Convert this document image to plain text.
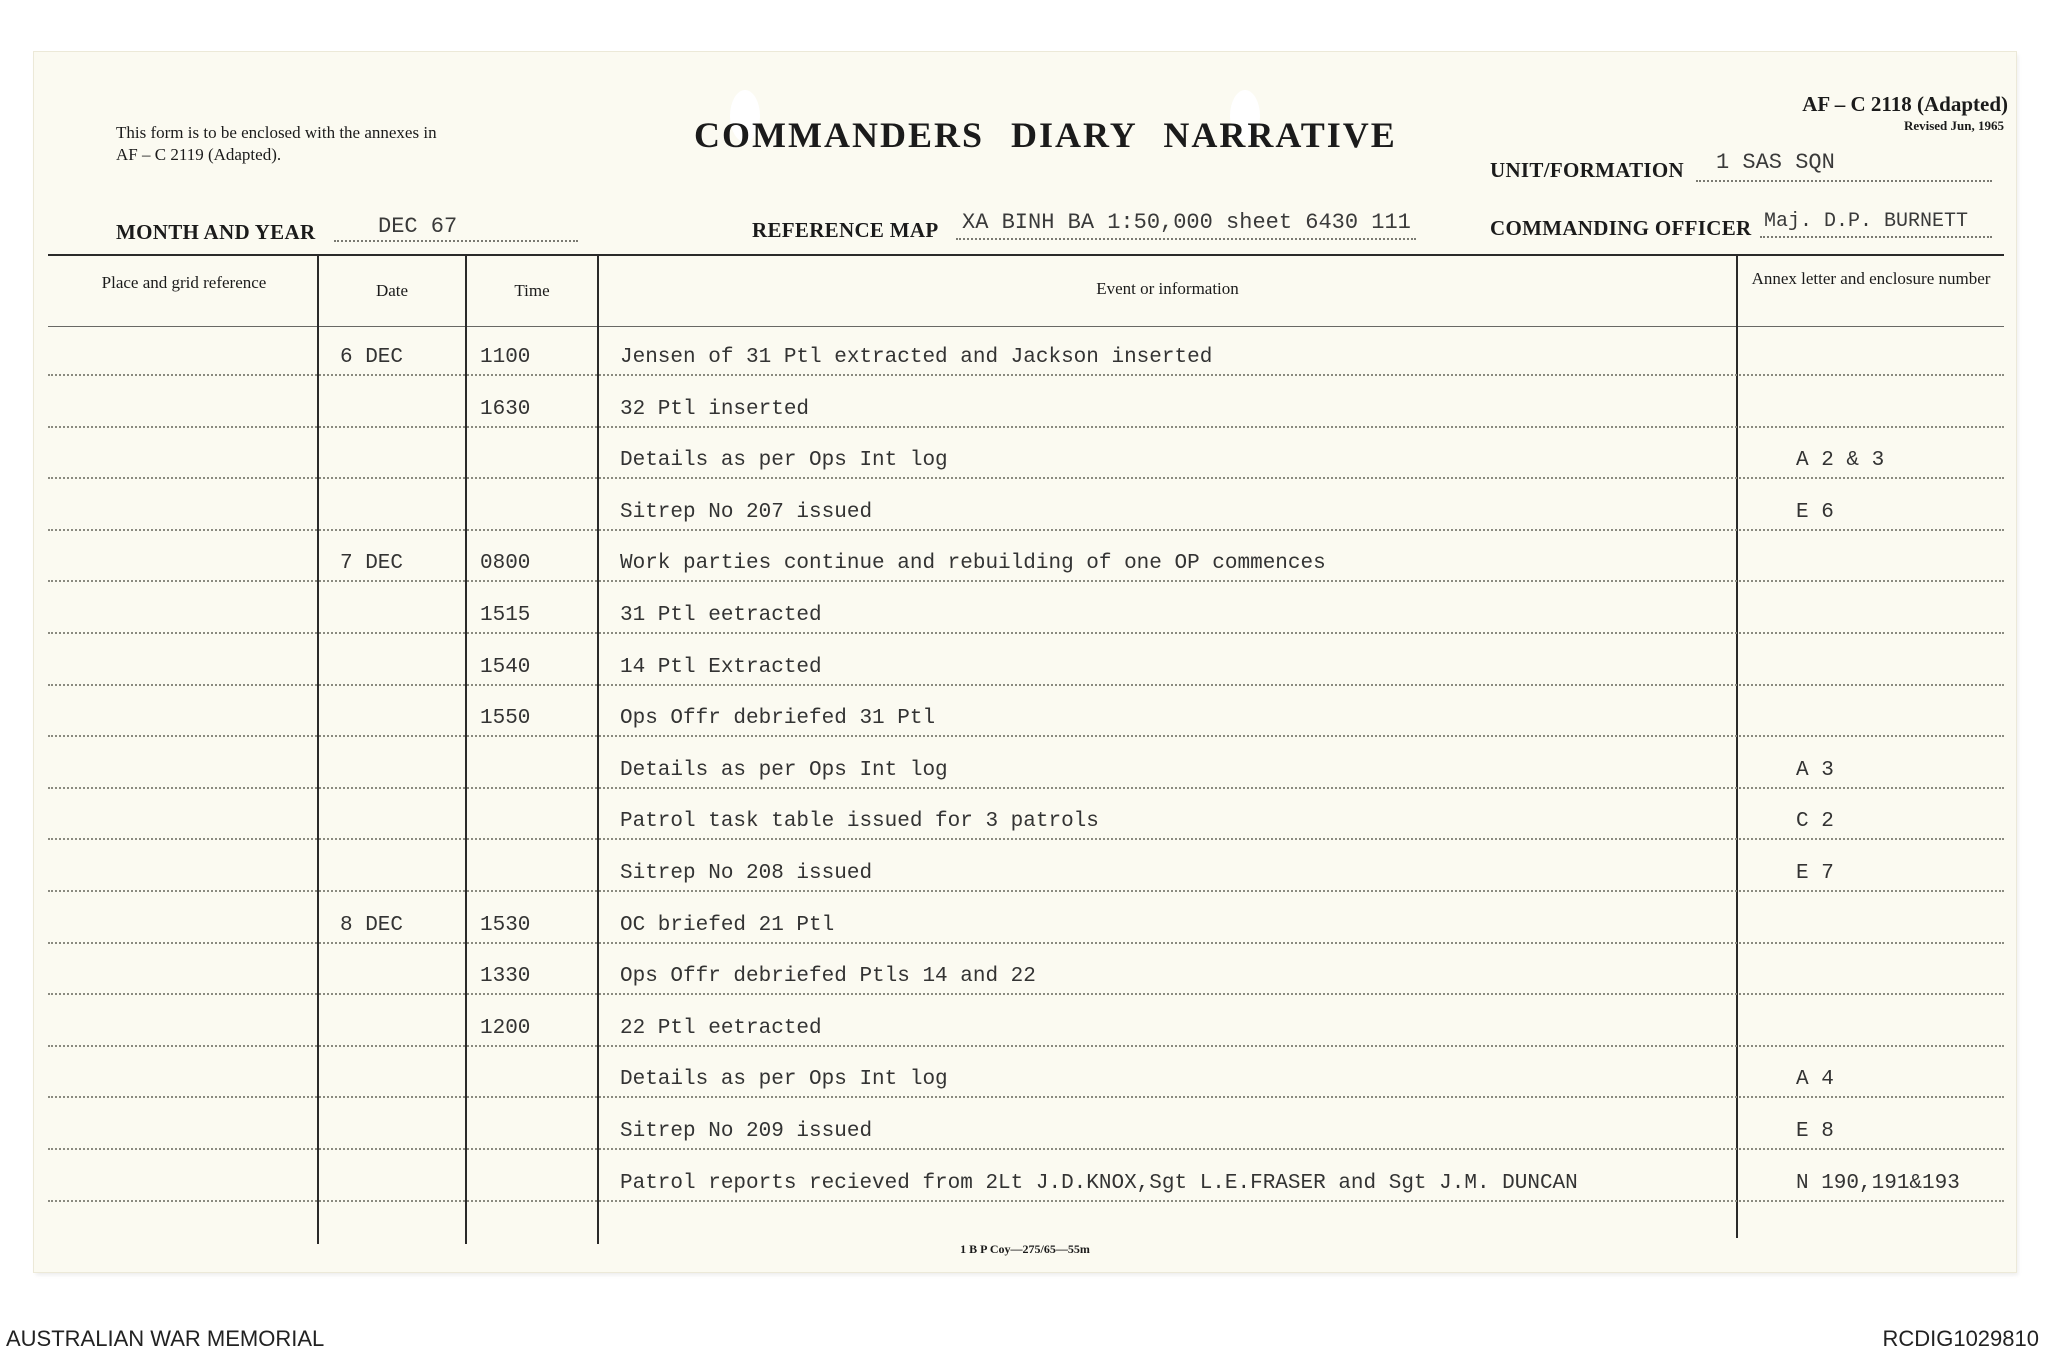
This form is to be enclosed with the annexes in AF – C 2119 (Adapted).	COMMANDERS DIARY NARRATIVE
AF – C 2118 (Adapted)
Revised Jun, 1965
UNIT/FORMATION 1 SAS SQN
MONTH AND YEAR	DEC 67	REFERENCE MAP XA BINH BA 1:50,000 sheet 6430 111	COMMANDING OFFICER Maj. D.P. BURNETT
Place and grid reference	Date	Time	Event or information
Annex letter and enclosure number
6 DEC	1100	Jensen of 31 Ptl extracted and Jackson inserted
1630	32 Ptl inserted
Details as per Ops Int log	A 2 & 3
Sitrep No 207 issued	E 6
7 DEC	0800	Work parties continue and rebuilding of one OP commences
1515	31 Ptl eetracted
1540	14 Ptl Extracted
1550	Ops Offr debriefed 31 Ptl
Details as per Ops Int log	A 3
Patrol task table issued for 3 patrols	C 2
Sitrep No 208 issued	E 7
8 DEC	1530	OC briefed 21 Ptl
1330	Ops Offr debriefed Ptls 14 and 22
1200	22 Ptl eetracted
Details as per Ops Int log	A 4
Sitrep No 209 issued	E 8
Patrol reports recieved from 2Lt J.D.KNOX,Sgt L.E.FRASER and Sgt J.M. DUNCAN	N 190,191&193
1 B P Coy—275/65—55m
AUSTRALIAN WAR MEMORIAL	RCDIG1029810
